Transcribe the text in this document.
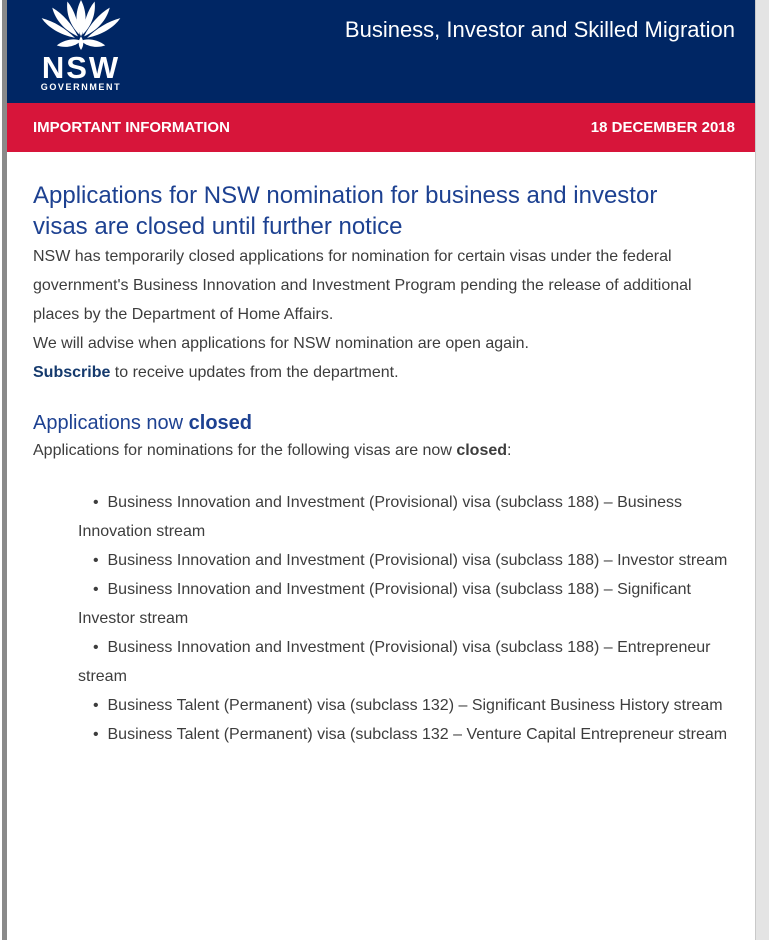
NSW
GOVERNMENT
Business, Investor and Skilled Migration
IMPORTANT INFORMATION	18 DECEMBER 2018
Applications for NSW nomination for business and investor visas are closed until further notice

NSW has temporarily closed applications for nomination for certain visas under the federal government's Business Innovation and Investment Program pending the release of additional places by the Department of Home Affairs.

We will advise when applications for NSW nomination are open again.

Subscribe to receive updates from the department.

Applications now closed

Applications for nominations for the following visas are now closed:

•  Business Innovation and Investment (Provisional) visa (subclass 188) – Business Innovation stream
•  Business Innovation and Investment (Provisional) visa (subclass 188) – Investor stream
•  Business Innovation and Investment (Provisional) visa (subclass 188) – Significant Investor stream
•  Business Innovation and Investment (Provisional) visa (subclass 188) – Entrepreneur stream
•  Business Talent (Permanent) visa (subclass 132) – Significant Business History stream
•  Business Talent (Permanent) visa (subclass 132 – Venture Capital Entrepreneur stream
